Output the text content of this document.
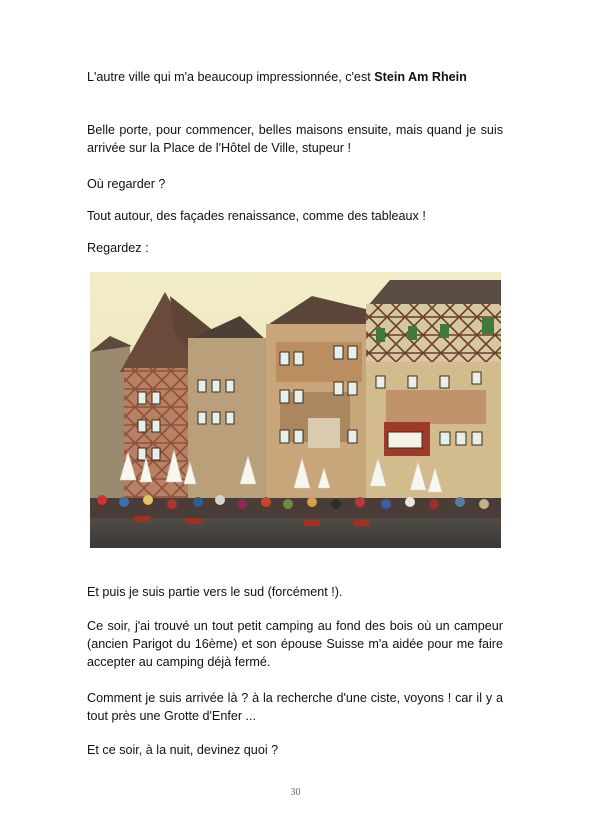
L'autre ville qui m'a beaucoup impressionnée, c'est Stein Am Rhein

Belle porte, pour commencer, belles maisons ensuite, mais quand je suis arrivée sur la Place de l'Hôtel de Ville, stupeur !

Où regarder ?

Tout autour, des façades renaissance, comme des tableaux !

Regardez :

Et puis je suis partie vers le sud (forcément !).

Ce soir, j'ai trouvé un tout petit camping au fond des bois où un campeur (ancien Parigot du 16ème) et son épouse Suisse m'a aidée pour me faire accepter au camping déjà fermé.

Comment je suis arrivée là ? à la recherche d'une ciste, voyons ! car il y a tout près une Grotte d'Enfer ...

Et ce soir, à la nuit, devinez quoi ?

30
